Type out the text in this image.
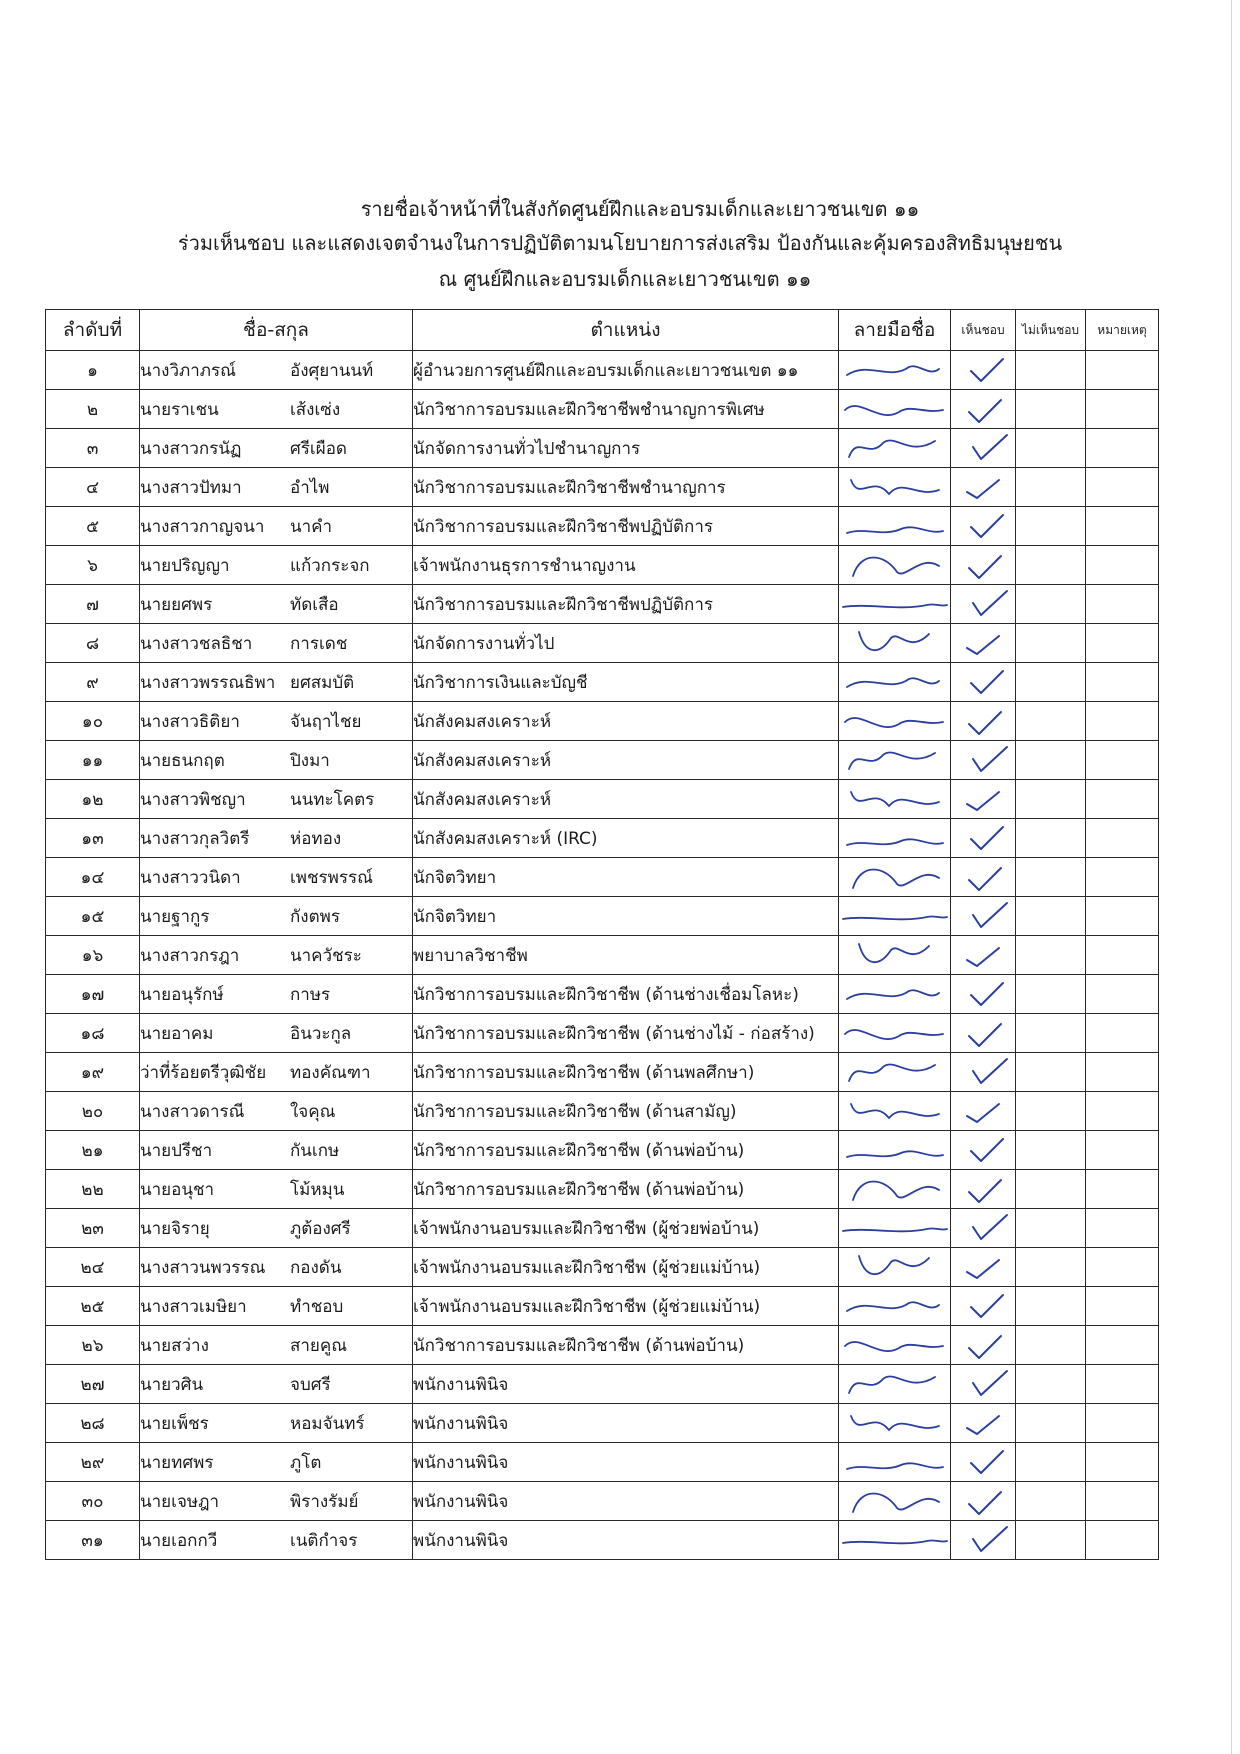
รายชื่อเจ้าหน้าที่ในสังกัดศูนย์ฝึกและอบรมเด็กและเยาวชนเขต ๑๑
ร่วมเห็นชอบ และแสดงเจตจำนงในการปฏิบัติตามนโยบายการส่งเสริม ป้องกันและคุ้มครองสิทธิมนุษยชน
ณ ศูนย์ฝึกและอบรมเด็กและเยาวชนเขต ๑๑
ลำดับที่	ชื่อ-สกุล	ตำแหน่ง	ลายมือชื่อ	เห็นชอบ	ไม่เห็นชอบ	หมายเหตุ
๑	นางวิภาภรณ์ อังศุยานนท์	ผู้อำนวยการศูนย์ฝึกและอบรมเด็กและเยาวชนเขต ๑๑	

๒	นายราเชน เส้งเซ่ง	นักวิชาการอบรมและฝึกวิชาชีพชำนาญการพิเศษ	

๓	นางสาวกรนัฏ ศรีเผือด	นักจัดการงานทั่วไปชำนาญการ	

๔	นางสาวปัทมา อำไพ	นักวิชาการอบรมและฝึกวิชาชีพชำนาญการ	

๕	นางสาวกาญจนา นาคำ	นักวิชาการอบรมและฝึกวิชาชีพปฏิบัติการ	

๖	นายปริญญา แก้วกระจก	เจ้าพนักงานธุรการชำนาญงาน	

๗	นายยศพร ทัดเสือ	นักวิชาการอบรมและฝึกวิชาชีพปฏิบัติการ	

๘	นางสาวชลธิชา การเดช	นักจัดการงานทั่วไป	

๙	นางสาวพรรณธิพา ยศสมบัติ	นักวิชาการเงินและบัญชี	

๑๐	นางสาวธิติยา จันฤาไชย	นักสังคมสงเคราะห์	

๑๑	นายธนกฤต ปิงมา	นักสังคมสงเคราะห์	

๑๒	นางสาวพิชญา นนทะโคตร	นักสังคมสงเคราะห์	

๑๓	นางสาวกุลวิตรี ห่อทอง	นักสังคมสงเคราะห์ (IRC)	

๑๔	นางสาววนิดา เพชรพรรณ์	นักจิตวิทยา	

๑๕	นายฐากูร กังตพร	นักจิตวิทยา	

๑๖	นางสาวกรฎา นาควัชระ	พยาบาลวิชาชีพ	

๑๗	นายอนุรักษ์ กาษร	นักวิชาการอบรมและฝึกวิชาชีพ (ด้านช่างเชื่อมโลหะ)	

๑๘	นายอาคม อินวะกูล	นักวิชาการอบรมและฝึกวิชาชีพ (ด้านช่างไม้ - ก่อสร้าง)	

๑๙	ว่าที่ร้อยตรีวุฒิชัย ทองคัณฑา	นักวิชาการอบรมและฝึกวิชาชีพ (ด้านพลศึกษา)	

๒๐	นางสาวดารณี ใจคุณ	นักวิชาการอบรมและฝึกวิชาชีพ (ด้านสามัญ)	

๒๑	นายปรีชา กันเกษ	นักวิชาการอบรมและฝึกวิชาชีพ (ด้านพ่อบ้าน)	

๒๒	นายอนุชา โม้หมุน	นักวิชาการอบรมและฝึกวิชาชีพ (ด้านพ่อบ้าน)	

๒๓	นายจิรายุ ภูต้องศรี	เจ้าพนักงานอบรมและฝึกวิชาชีพ (ผู้ช่วยพ่อบ้าน)	

๒๔	นางสาวนพวรรณ กองดัน	เจ้าพนักงานอบรมและฝึกวิชาชีพ (ผู้ช่วยแม่บ้าน)	

๒๕	นางสาวเมษิยา ทำชอบ	เจ้าพนักงานอบรมและฝึกวิชาชีพ (ผู้ช่วยแม่บ้าน)	

๒๖	นายสว่าง สายคูณ	นักวิชาการอบรมและฝึกวิชาชีพ (ด้านพ่อบ้าน)	

๒๗	นายวศิน จบศรี	พนักงานพินิจ	

๒๘	นายเพ็ชร หอมจันทร์	พนักงานพินิจ	

๒๙	นายทศพร ภูโต	พนักงานพินิจ	

๓๐	นายเจษฎา พิรางรัมย์	พนักงานพินิจ	

๓๑	นายเอกกวี เนติกำจร	พนักงานพินิจ	
